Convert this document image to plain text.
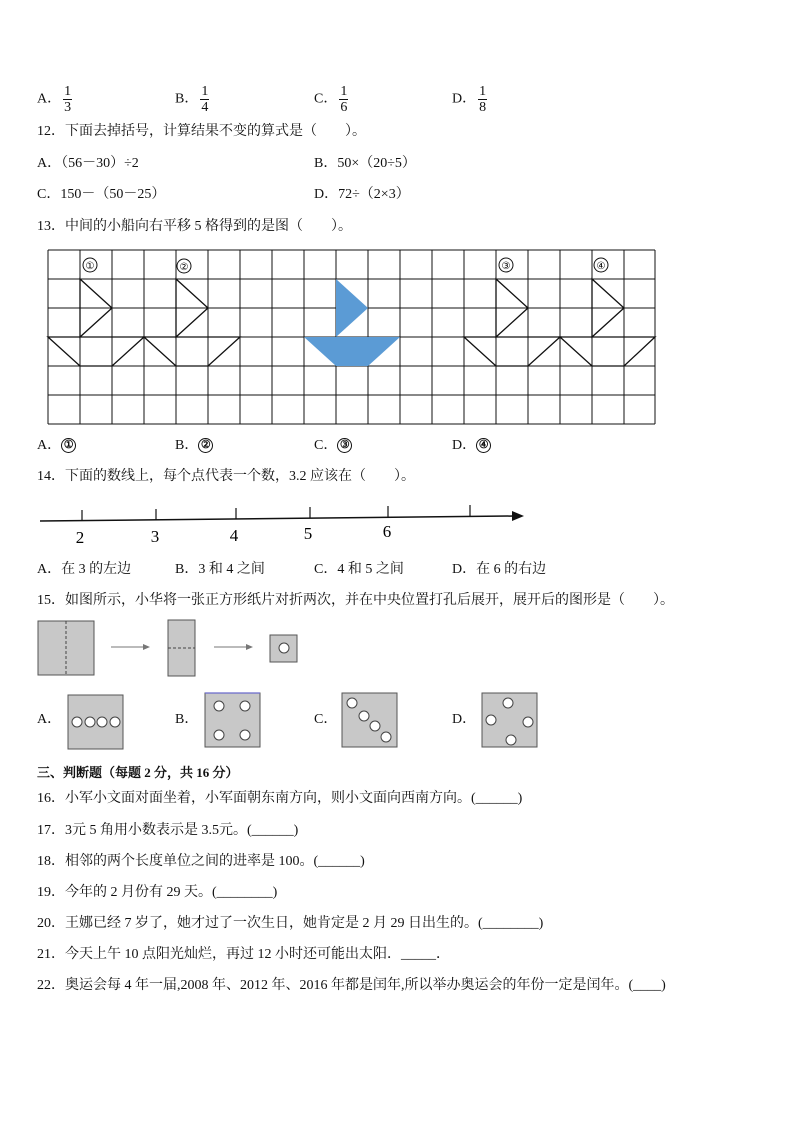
A． $\frac{1}{3}$	B． $\frac{1}{4}$	C． $\frac{1}{6}$	D． $\frac{1}{8}$
12．下面去掉括号，计算结果不变的算式是（　　）。
A．（56－30）÷2	B．50×（20÷5）
C．150－（50－25）	D．72÷（2×3）
13．中间的小船向右平移 5 格得到的是图（　　）。
①	②	③	④
2	3	4	5	6
A． ①	B． ②	C． ③	D． ④
14．下面的数线上，每个点代表一个数，3.2 应该在（　　）。
A．在 3 的左边	B．3 和 4 之间	C．4 和 5 之间	D．在 6 的右边
15．如图所示，小华将一张正方形纸片对折两次，并在中央位置打孔后展开，展开后的图形是（　　）。
A．	B．	C．	D．
三、判断题（每题 2 分，共 16 分）
16．小军小文面对面坐着，小军面朝东南方向，则小文面向西南方向。(______)
17．3元 5 角用小数表示是 3.5元。(______)
18．相邻的两个长度单位之间的进率是 100。(______)
19．今年的 2 月份有 29 天。(________)
20．王娜已经 7 岁了，她才过了一次生日，她肯定是 2 月 29 日出生的。(________)
21．今天上午 10 点阳光灿烂，再过 12 小时还可能出太阳．_____．
22．奥运会每 4 年一届,2008 年、2012 年、2016 年都是闰年,所以举办奥运会的年份一定是闰年。(____)
